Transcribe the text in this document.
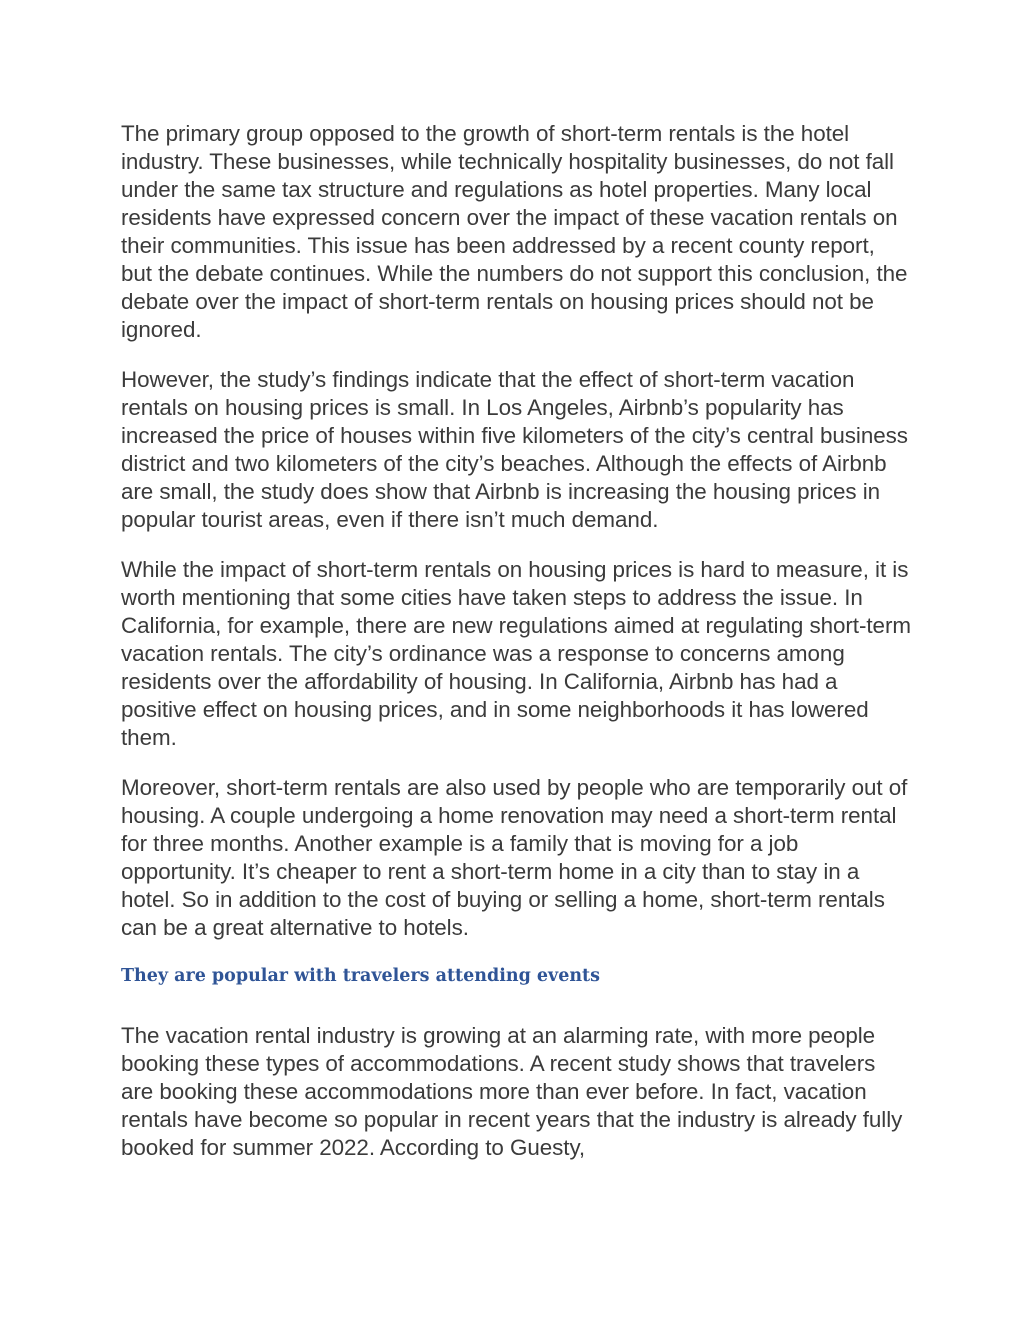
The primary group opposed to the growth of short-term rentals is the hotel industry. These businesses, while technically hospitality businesses, do not fall under the same tax structure and regulations as hotel properties. Many local residents have expressed concern over the impact of these vacation rentals on their communities. This issue has been addressed by a recent county report, but the debate continues. While the numbers do not support this conclusion, the debate over the impact of short-term rentals on housing prices should not be ignored.

However, the study’s findings indicate that the effect of short-term vacation rentals on housing prices is small. In Los Angeles, Airbnb’s popularity has increased the price of houses within five kilometers of the city’s central business district and two kilometers of the city’s beaches. Although the effects of Airbnb are small, the study does show that Airbnb is increasing the housing prices in popular tourist areas, even if there isn’t much demand.

While the impact of short-term rentals on housing prices is hard to measure, it is worth mentioning that some cities have taken steps to address the issue. In California, for example, there are new regulations aimed at regulating short-term vacation rentals. The city’s ordinance was a response to concerns among residents over the affordability of housing. In California, Airbnb has had a positive effect on housing prices, and in some neighborhoods it has lowered them.

Moreover, short-term rentals are also used by people who are temporarily out of housing. A couple undergoing a home renovation may need a short-term rental for three months. Another example is a family that is moving for a job opportunity. It’s cheaper to rent a short-term home in a city than to stay in a hotel. So in addition to the cost of buying or selling a home, short-term rentals can be a great alternative to hotels.

They are popular with travelers attending events

The vacation rental industry is growing at an alarming rate, with more people booking these types of accommodations. A recent study shows that travelers are booking these accommodations more than ever before. In fact, vacation rentals have become so popular in recent years that the industry is already fully booked for summer 2022. According to Guesty,
